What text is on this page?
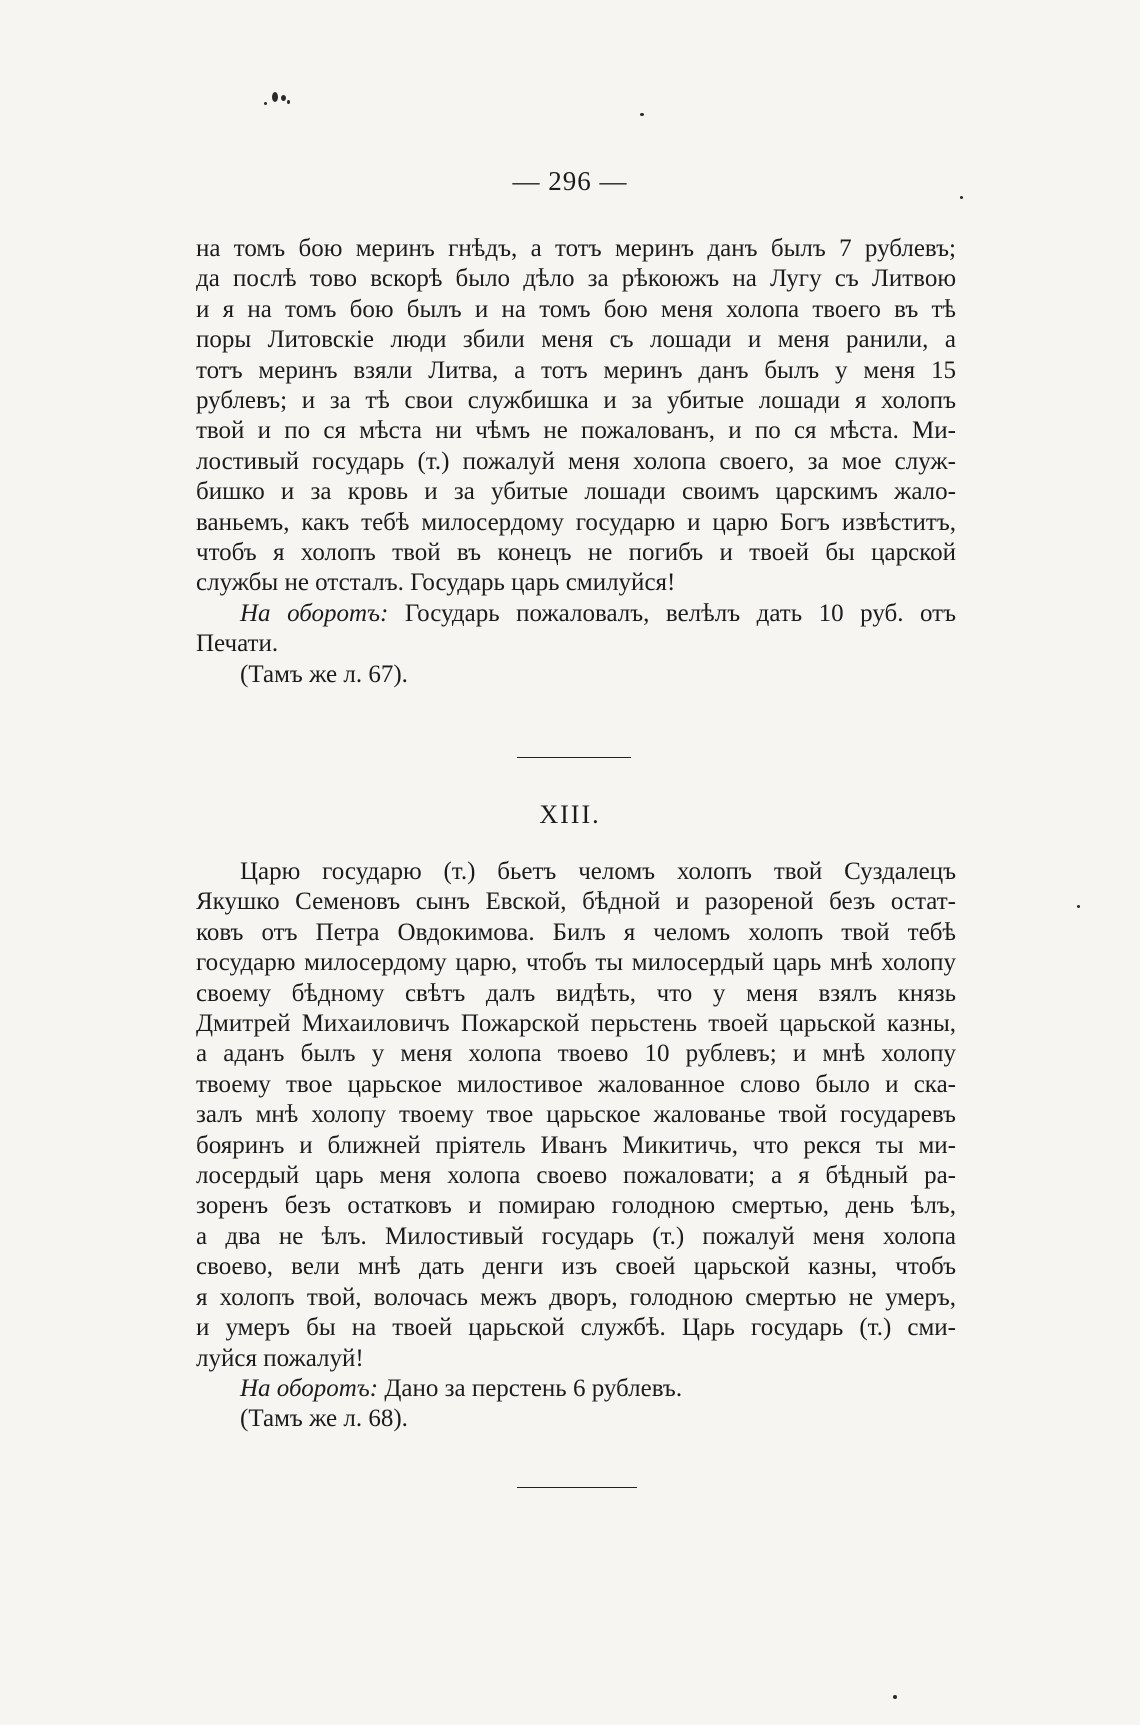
— 296 —
на томъ бою меринъ гнѣдъ, а тотъ меринъ данъ былъ 7 рублевъ;
да послѣ тово вскорѣ было дѣло за рѣкоюжъ на Лугу съ Литвою
и я на томъ бою былъ и на томъ бою меня холопа твоего въ тѣ
поры Литовскіе люди збили меня съ лошади и меня ранили, а
тотъ меринъ взяли Литва, а тотъ меринъ данъ былъ у меня 15
рублевъ; и за тѣ свои службишка и за убитые лошади я холопъ
твой и по ся мѣста ни чѣмъ не пожалованъ, и по ся мѣста. Ми-
лостивый государь (т.) пожалуй меня холопа своего, за мое служ-
бишко и за кровь и за убитые лошади своимъ царскимъ жало-
ваньемъ, какъ тебѣ милосердому государю и царю Богъ извѣститъ,
чтобъ я холопъ твой въ конецъ не погибъ и твоей бы царской
службы не отсталъ. Государь царь смилуйся!
На оборотъ: Государь пожаловалъ, велѣлъ дать 10 руб. отъ
Печати.
(Тамъ же л. 67).
XIII.
Царю государю (т.) бьетъ челомъ холопъ твой Суздалецъ
Якушко Семеновъ сынъ Евской, бѣдной и разореной безъ остат-
ковъ отъ Петра Овдокимова. Билъ я челомъ холопъ твой тебѣ
государю милосердому царю, чтобъ ты милосердый царь мнѣ холопу
своему бѣдному свѣтъ далъ видѣть, что у меня взялъ князь
Дмитрей Михаиловичъ Пожарской перьстень твоей царьской казны,
а аданъ былъ у меня холопа твоево 10 рублевъ; и мнѣ холопу
твоему твое царьское милостивое жалованное слово было и ска-
залъ мнѣ холопу твоему твое царьское жалованье твой государевъ
бояринъ и ближней пріятель Иванъ Микитичь, что рекся ты ми-
лосердый царь меня холопа своево пожаловати; а я бѣдный ра-
зоренъ безъ остатковъ и помираю голодною смертью, день ѣлъ,
а два не ѣлъ. Милостивый государь (т.) пожалуй меня холопа
своево, вели мнѣ дать денги изъ своей царьской казны, чтобъ
я холопъ твой, волочась межъ дворъ, голодною смертью не умеръ,
и умеръ бы на твоей царьской службѣ. Царь государь (т.) сми-
луйся пожалуй!
На оборотъ: Дано за перстень 6 рублевъ.
(Тамъ же л. 68).
